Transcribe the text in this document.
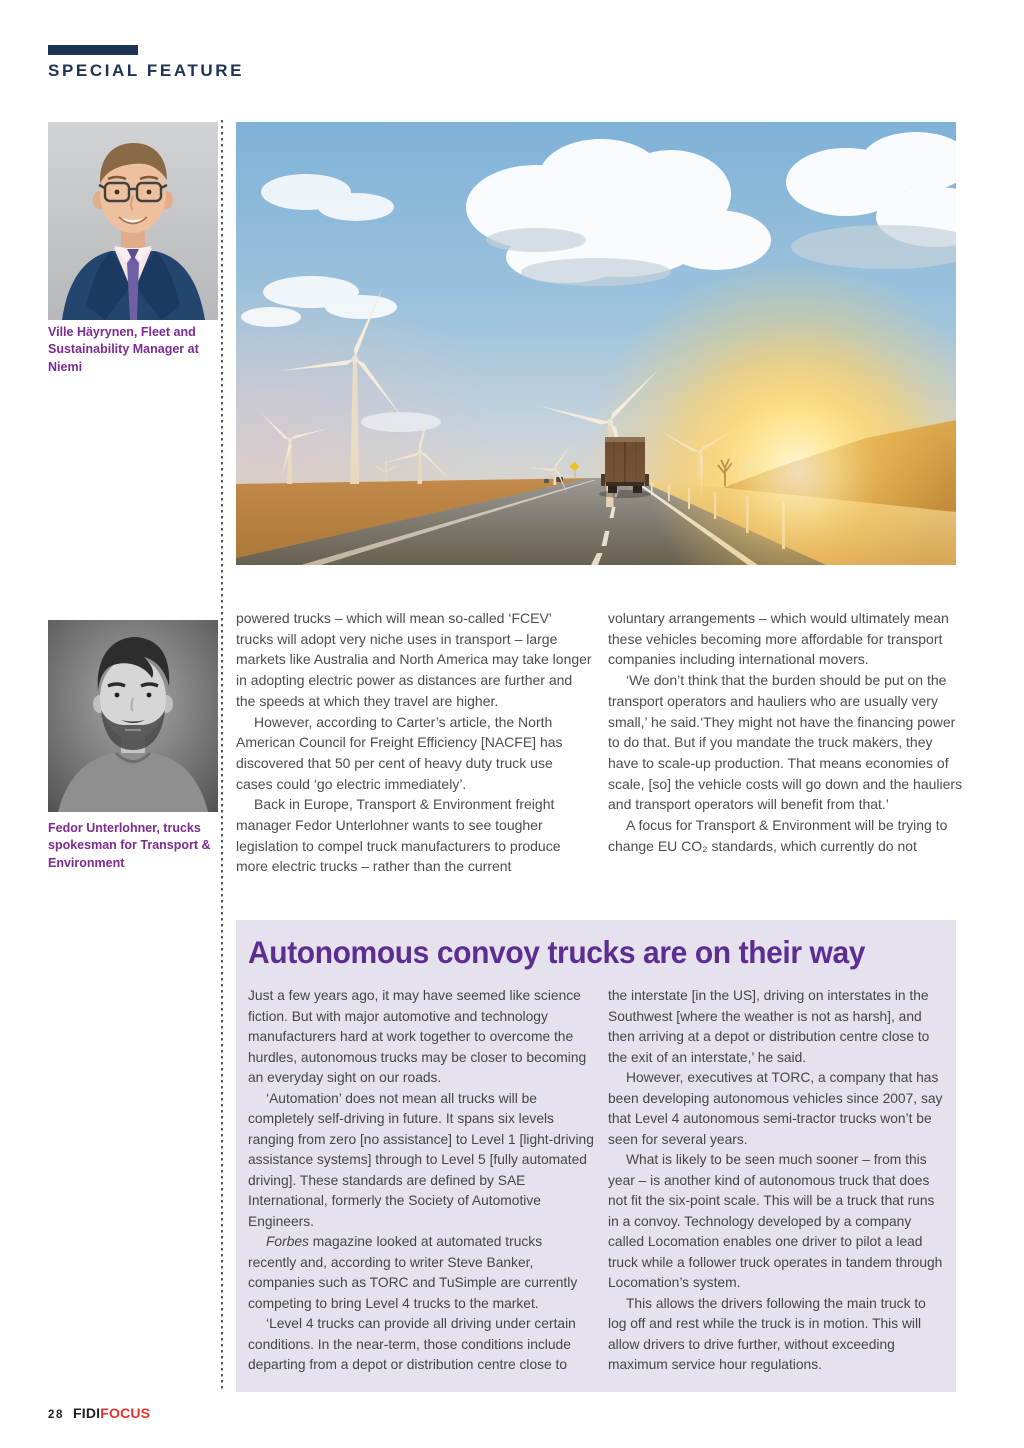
SPECIAL FEATURE
Ville Häyrynen, Fleet and Sustainability Manager at Niemi
Fedor Unterlohner, trucks spokesman for Transport & Environment

powered trucks – which will mean so-called ‘FCEV’ trucks will adopt very niche uses in transport – large markets like Australia and North America may take longer in adopting electric power as distances are further and the speeds at which they travel are higher.

However, according to Carter’s article, the North American Council for Freight Efficiency [NACFE] has discovered that 50 per cent of heavy duty truck use cases could ‘go electric immediately’.

Back in Europe, Transport & Environment freight manager Fedor Unterlohner wants to see tougher legislation to compel truck manufacturers to produce more electric trucks – rather than the current

voluntary arrangements – which would ultimately mean these vehicles becoming more affordable for transport companies including international movers.

‘We don’t think that the burden should be put on the transport operators and hauliers who are usually very small,’ he said.‘They might not have the financing power to do that. But if you mandate the truck makers, they have to scale-up production. That means economies of scale, [so] the vehicle costs will go down and the hauliers and transport operators will benefit from that.’

A focus for Transport & Environment will be trying to change EU CO₂ standards, which currently do not

Autonomous convoy trucks are on their way

Just a few years ago, it may have seemed like science fiction. But with major automotive and technology manufacturers hard at work together to overcome the hurdles, autonomous trucks may be closer to becoming an everyday sight on our roads.

‘Automation’ does not mean all trucks will be completely self-driving in future. It spans six levels ranging from zero [no assistance] to Level 1 [light-driving assistance systems] through to Level 5 [fully automated driving]. These standards are defined by SAE International, formerly the Society of Automotive Engineers.

Forbes magazine looked at automated trucks recently and, according to writer Steve Banker, companies such as TORC and TuSimple are currently competing to bring Level 4 trucks to the market.

‘Level 4 trucks can provide all driving under certain conditions. In the near-term, those conditions include departing from a depot or distribution centre close to

the interstate [in the US], driving on interstates in the Southwest [where the weather is not as harsh], and then arriving at a depot or distribution centre close to the exit of an interstate,’ he said.

However, executives at TORC, a company that has been developing autonomous vehicles since 2007, say that Level 4 autonomous semi-tractor trucks won’t be seen for several years.

What is likely to be seen much sooner – from this year – is another kind of autonomous truck that does not fit the six-point scale. This will be a truck that runs in a convoy. Technology developed by a company called Locomation enables one driver to pilot a lead truck while a follower truck operates in tandem through Locomation’s system.

This allows the drivers following the main truck to log off and rest while the truck is in motion. This will allow drivers to drive further, without exceeding maximum service hour regulations.

28 FIDIFOCUS
